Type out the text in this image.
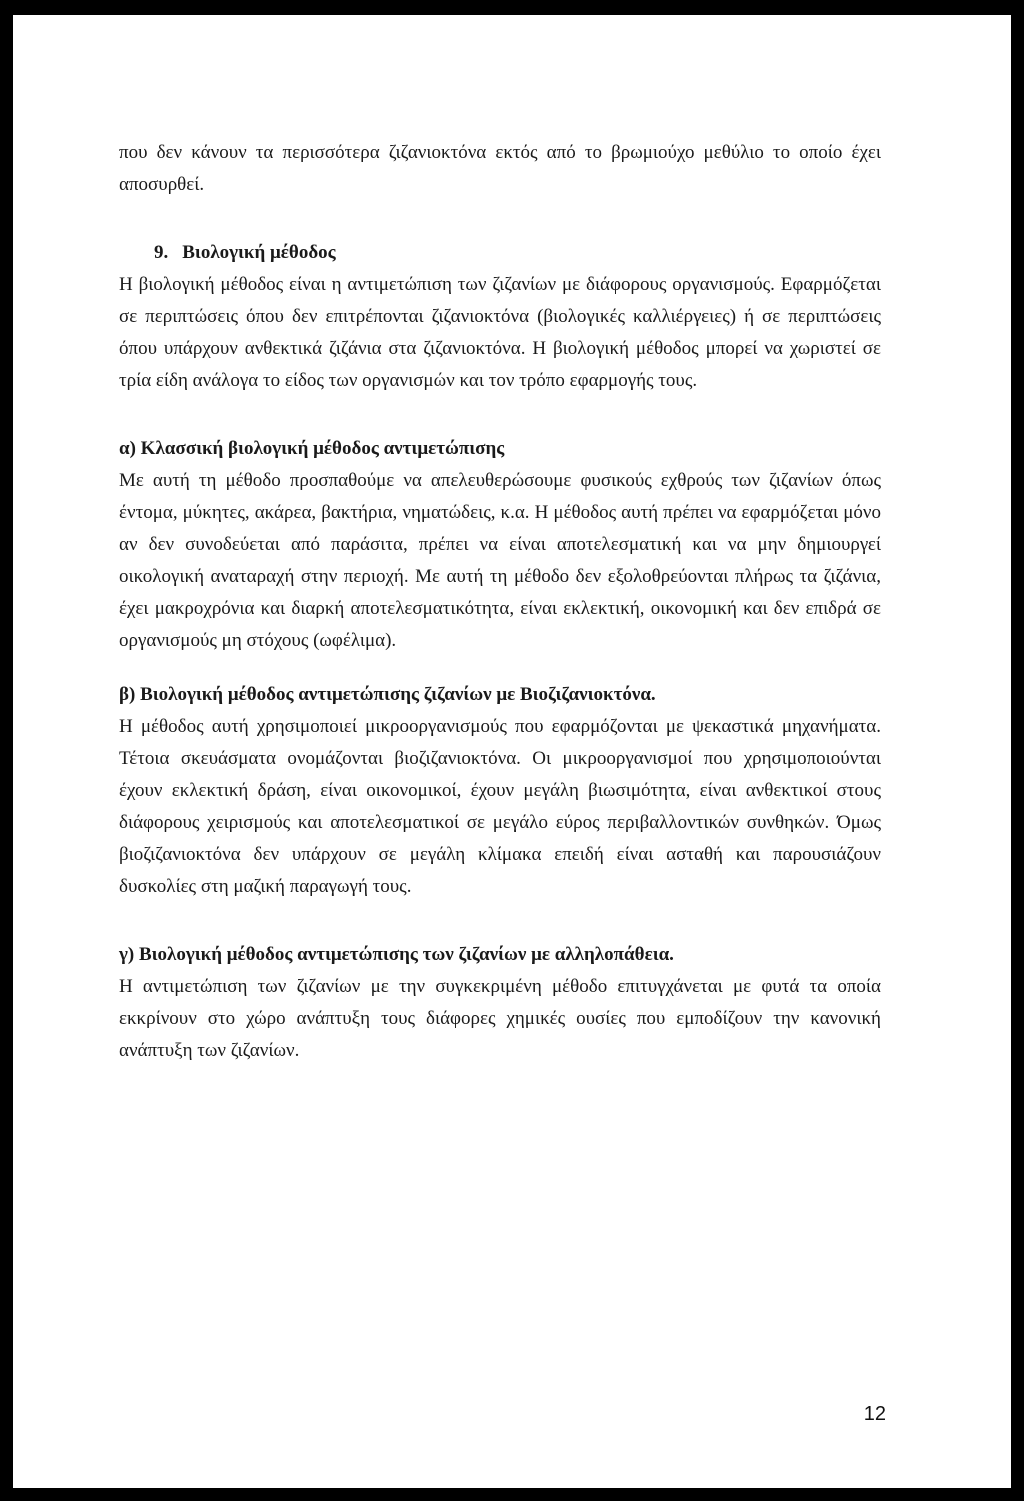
που δεν κάνουν τα περισσότερα ζιζανιοκτόνα εκτός από το βρωμιούχο μεθύλιο το οποίο έχει αποσυρθεί.

9. Βιολογική μέθοδος

Η βιολογική μέθοδος είναι η αντιμετώπιση των ζιζανίων με διάφορους οργανισμούς. Εφαρμόζεται σε περιπτώσεις όπου δεν επιτρέπονται ζιζανιοκτόνα (βιολογικές καλλιέργειες) ή σε περιπτώσεις όπου υπάρχουν ανθεκτικά ζιζάνια στα ζιζανιοκτόνα. Η βιολογική μέθοδος μπορεί να χωριστεί σε τρία είδη ανάλογα το είδος των οργανισμών και τον τρόπο εφαρμογής τους.

α) Κλασσική βιολογική μέθοδος αντιμετώπισης

Με αυτή τη μέθοδο προσπαθούμε να απελευθερώσουμε φυσικούς εχθρούς των ζιζανίων όπως έντομα, μύκητες, ακάρεα, βακτήρια, νηματώδεις, κ.α. Η μέθοδος αυτή πρέπει να εφαρμόζεται μόνο αν δεν συνοδεύεται από παράσιτα, πρέπει να είναι αποτελεσματική και να μην δημιουργεί οικολογική αναταραχή στην περιοχή. Με αυτή τη μέθοδο δεν εξολοθρεύονται πλήρως τα ζιζάνια, έχει μακροχρόνια και διαρκή αποτελεσματικότητα, είναι εκλεκτική, οικονομική και δεν επιδρά σε οργανισμούς μη στόχους (ωφέλιμα).

β) Βιολογική μέθοδος αντιμετώπισης ζιζανίων με Βιοζιζανιοκτόνα.

Η μέθοδος αυτή χρησιμοποιεί μικροοργανισμούς που εφαρμόζονται με ψεκαστικά μηχανήματα. Τέτοια σκευάσματα ονομάζονται βιοζιζανιοκτόνα. Οι μικροοργανισμοί που χρησιμοποιούνται έχουν εκλεκτική δράση, είναι οικονομικοί, έχουν μεγάλη βιωσιμότητα, είναι ανθεκτικοί στους διάφορους χειρισμούς και αποτελεσματικοί σε μεγάλο εύρος περιβαλλοντικών συνθηκών. Όμως βιοζιζανιοκτόνα δεν υπάρχουν σε μεγάλη κλίμακα επειδή είναι ασταθή και παρουσιάζουν δυσκολίες στη μαζική παραγωγή τους.

γ) Βιολογική μέθοδος αντιμετώπισης των ζιζανίων με αλληλοπάθεια.

Η αντιμετώπιση των ζιζανίων με την συγκεκριμένη μέθοδο επιτυγχάνεται με φυτά τα οποία εκκρίνουν στο χώρο ανάπτυξη τους διάφορες χημικές ουσίες που εμποδίζουν την κανονική ανάπτυξη των ζιζανίων.

12
